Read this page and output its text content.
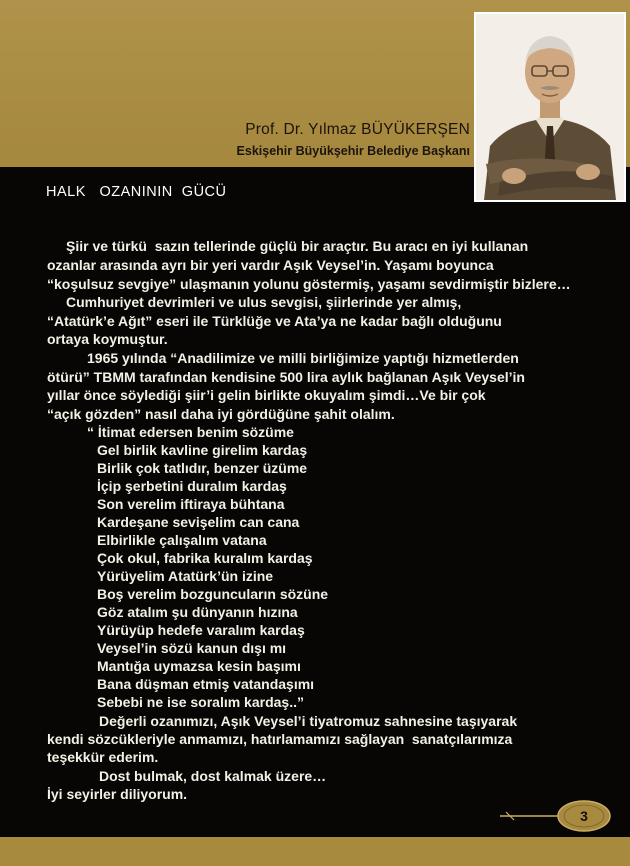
Prof. Dr. Yılmaz BÜYÜKERŞEN
Eskişehir Büyükşehir Belediye Başkanı
HALK   OZANININ  GÜCÜ
Şiir ve türkü  sazın tellerinde güçlü bir araçtır. Bu aracı en iyi kullanan
ozanlar arasında ayrı bir yeri vardır Aşık Veysel’in. Yaşamı boyunca
“koşulsuz sevgiye” ulaşmanın yolunu göstermiş, yaşamı sevdirmiştir bizlere…
Cumhuriyet devrimleri ve ulus sevgisi, şiirlerinde yer almış,
“Atatürk’e Ağıt” eseri ile Türklüğe ve Ata’ya ne kadar bağlı olduğunu
ortaya koymuştur.
1965 yılında “Anadilimize ve milli birliğimize yaptığı hizmetlerden
ötürü” TBMM tarafından kendisine 500 lira aylık bağlanan Aşık Veysel’in
yıllar önce söylediği şiir’i gelin birlikte okuyalım şimdi…Ve bir çok
“açık gözden” nasıl daha iyi gördüğüne şahit olalım.
“ İtimat edersen benim sözüme
Gel birlik kavline girelim kardaş
Birlik çok tatlıdır, benzer üzüme
İçip şerbetini duralım kardaş
Son verelim iftiraya bühtana
Kardeşane sevişelim can cana
Elbirlikle çalışalım vatana
Çok okul, fabrika kuralım kardaş
Yürüyelim Atatürk’ün izine
Boş verelim bozguncuların sözüne
Göz atalım şu dünyanın hızına
Yürüyüp hedefe varalım kardaş
Veysel’in sözü kanun dışı mı
Mantığa uymazsa kesin başımı
Bana düşman etmiş vatandaşımı
Sebebi ne ise soralım kardaş..”
Değerli ozanımızı, Aşık Veysel’i tiyatromuz sahnesine taşıyarak
kendi sözcükleriyle anmamızı, hatırlamamızı sağlayan  sanatçılarımıza
teşekkür ederim.
Dost bulmak, dost kalmak üzere…
İyi seyirler diliyorum.
3
